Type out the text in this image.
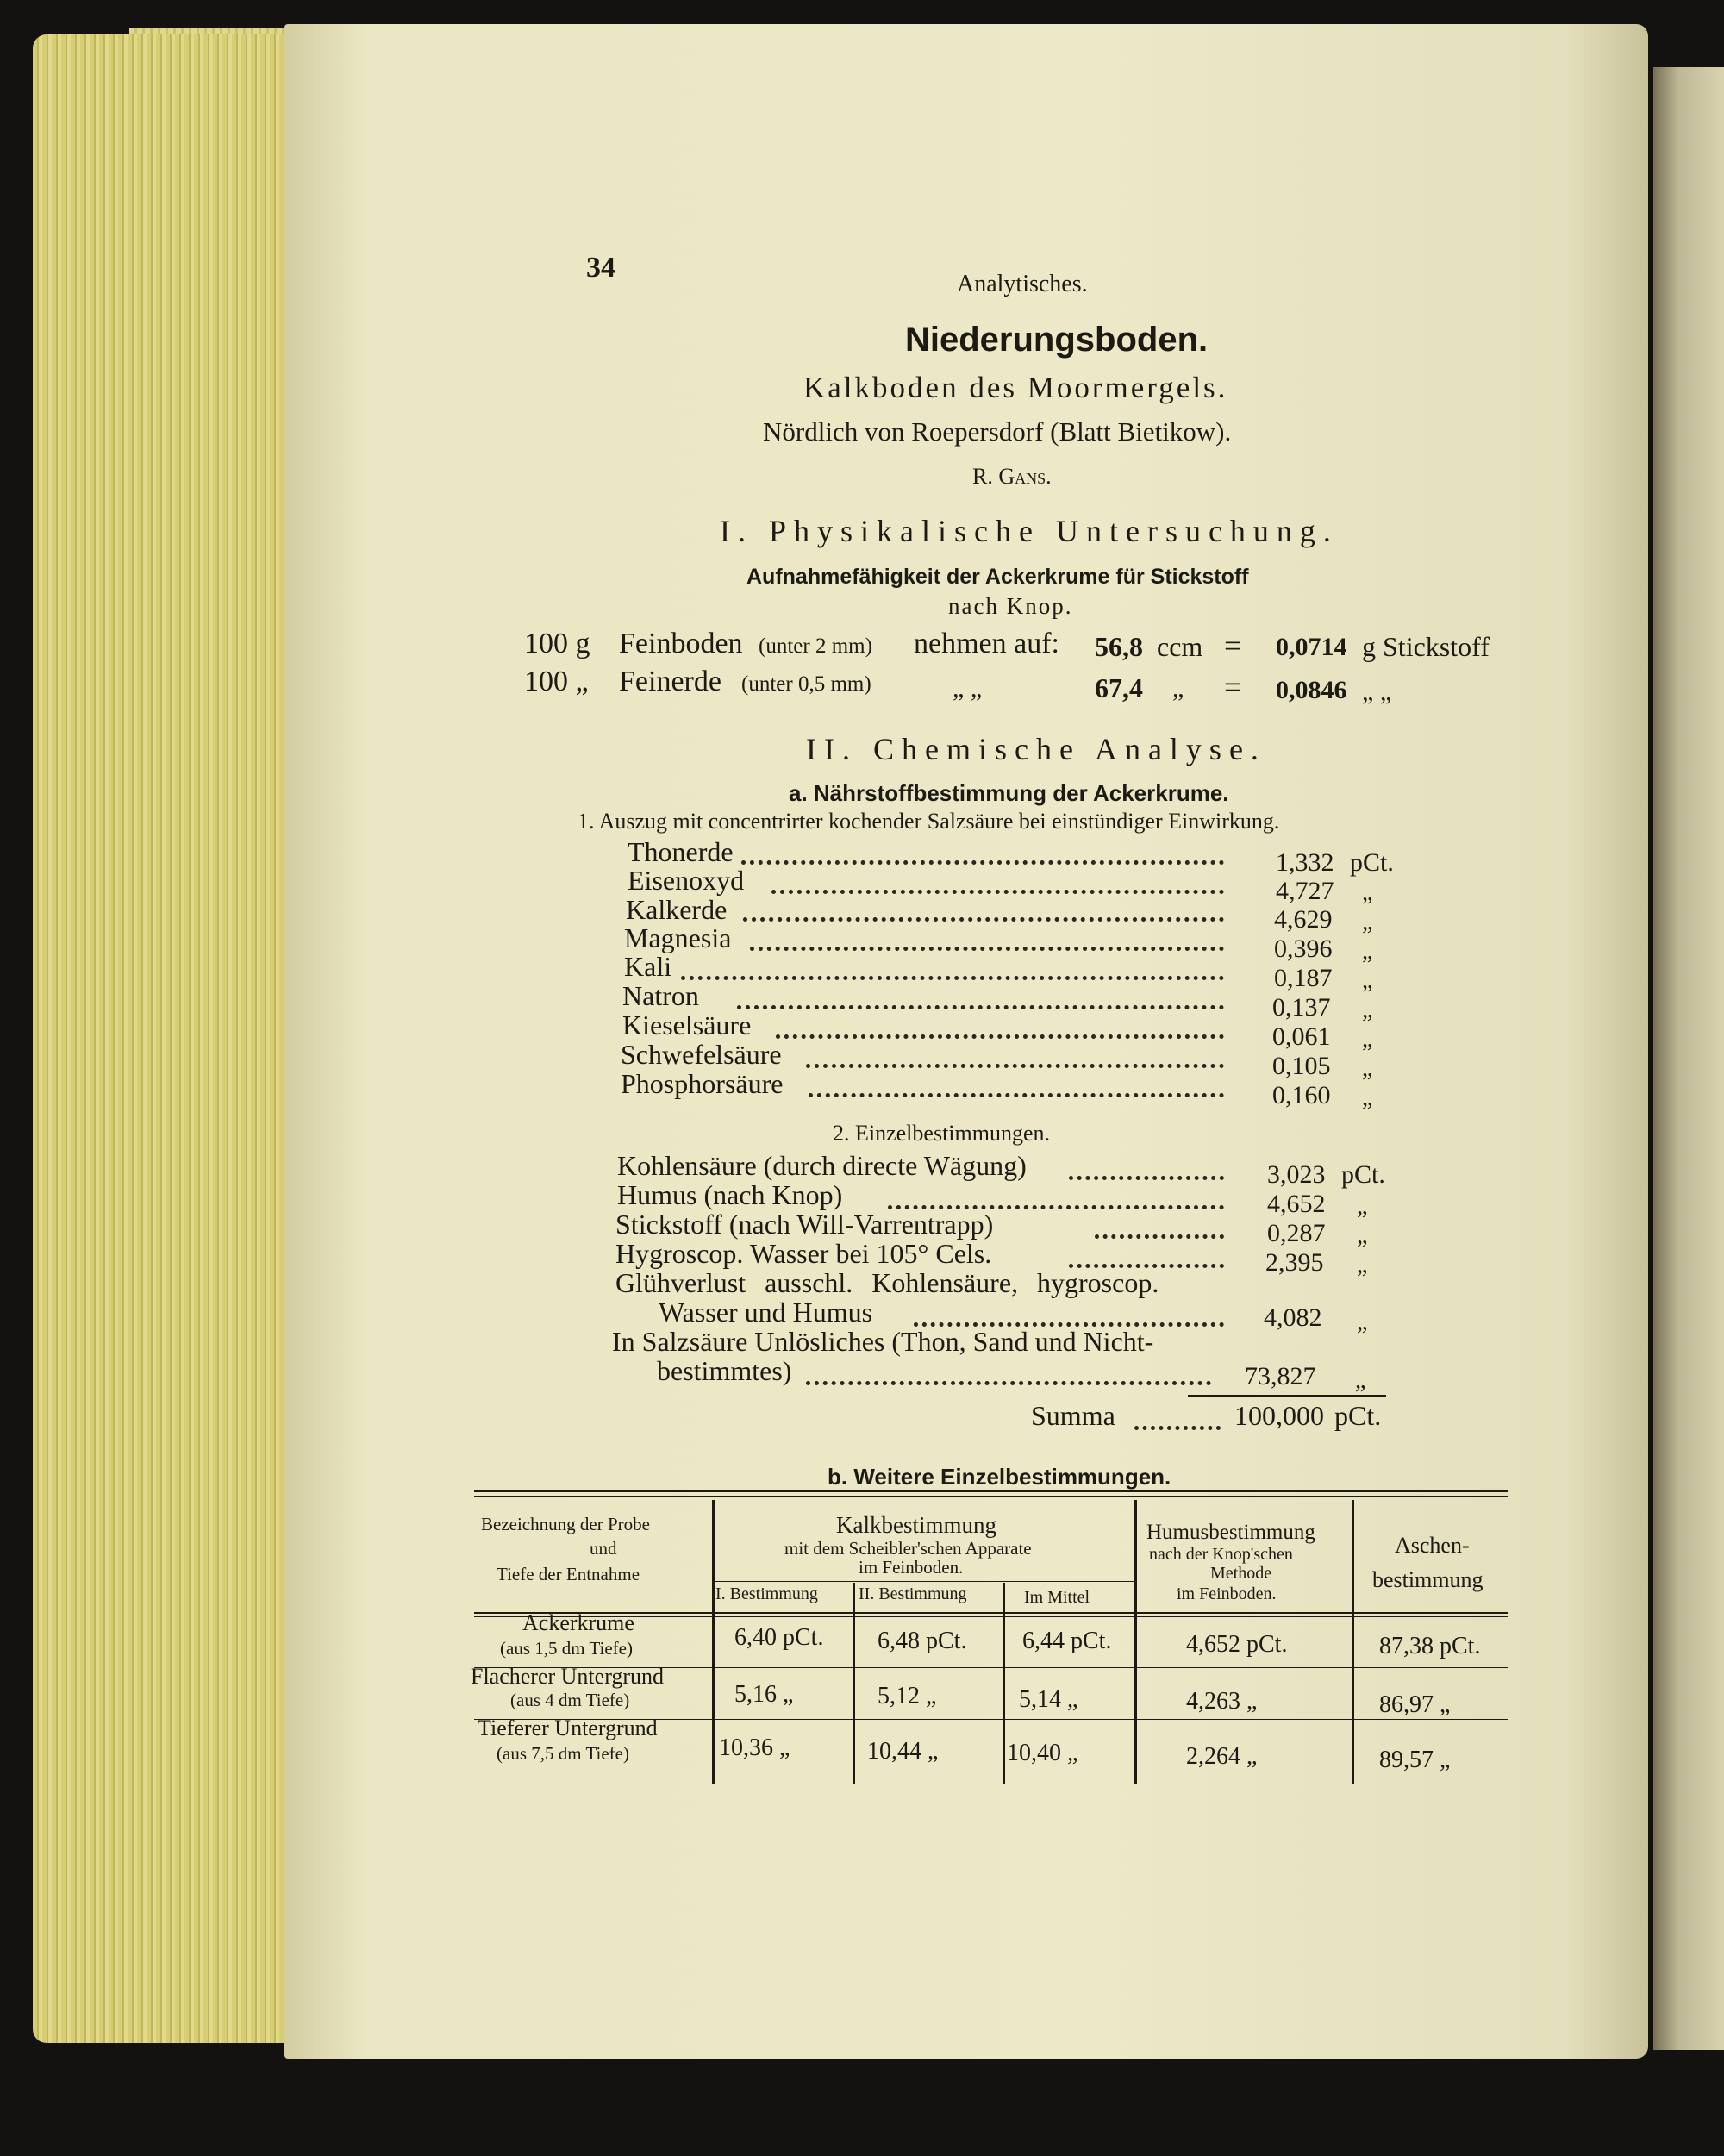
34
Analytisches.
Niederungsboden.
Kalkboden des Moormergels.
Nördlich von Roepersdorf (Blatt Bietikow).
R. Gans.
I. Physikalische Untersuchung.
Aufnahmefähigkeit der Ackerkrume für Stickstoff
nach Knop.
100 g Feinboden (unter 2 mm) nehmen auf: 56,8 ccm = 0,0714 g Stickstoff
100 „ Feinerde (unter 0,5 mm)	„ „	67,4 „ = 0,0846 „ „
II. Chemische Analyse.
a. Nährstoffbestimmung der Ackerkrume.
1. Auszug mit concentrirter kochender Salzsäure bei einstündiger Einwirkung.
Thonerde	1,332 pCt.
Eisenoxyd	4,727 „
Kalkerde	4,629 „
Magnesia	0,396 „
Kali	0,187 „
Natron	0,137 „
Kieselsäure	0,061 „
Schwefelsäure	0,105 „
Phosphorsäure	0,160 „
2. Einzelbestimmungen.
Kohlensäure (durch directe Wägung)	3,023 pCt.
Humus (nach Knop)	4,652 „
Stickstoff (nach Will-Varrentrapp)	0,287 „
Hygroscop. Wasser bei 105° Cels.	2,395 „
Glühverlust ausschl. Kohlensäure, hygroscop.
Wasser und Humus	4,082 „
In Salzsäure Unlösliches (Thon, Sand und Nicht-
bestimmtes)	73,827 „
Summa	100,000 pCt.
b. Weitere Einzelbestimmungen.
Bezeichnung der Probe
und
Tiefe der Entnahme
Kalkbestimmung
mit dem Scheibler'schen Apparate
im Feinboden.
I. Bestimmung II. Bestimmung	Im Mittel
Humusbestimmung
nach der Knop'schen
Methode
im Feinboden.
Aschen-
bestimmung
Ackerkrume
(aus 1,5 dm Tiefe)	6,40 pCt. 6,48 pCt. 6,44 pCt.	4,652 pCt.	87,38 pCt.
Flacherer Untergrund
(aus 4 dm Tiefe)	5,16 „	5,12 „	5,14 „	4,263 „	86,97 „
Tieferer Untergrund
(aus 7,5 dm Tiefe)	10,36 „	10,44 „	10,40 „	2,264 „	89,57 „
